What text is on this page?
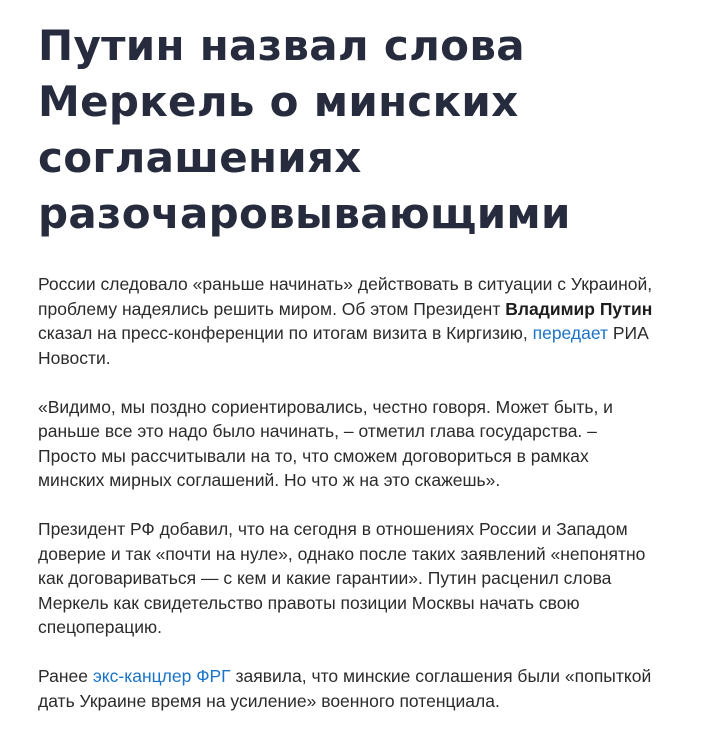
Путин назвал слова
Меркель о минских
соглашениях
разочаровывающими

России следовало «раньше начинать» действовать в ситуации с Украиной,
проблему надеялись решить миром. Об этом Президент Владимир Путин
сказал на пресс-конференции по итогам визита в Киргизию, передает РИА
Новости.

«Видимо, мы поздно сориентировались, честно говоря. Может быть, и
раньше все это надо было начинать, – отметил глава государства. –
Просто мы рассчитывали на то, что сможем договориться в рамках
минских мирных соглашений. Но что ж на это скажешь».

Президент РФ добавил, что на сегодня в отношениях России и Западом
доверие и так «почти на нуле», однако после таких заявлений «непонятно
как договариваться — с кем и какие гарантии». Путин расценил слова
Меркель как свидетельство правоты позиции Москвы начать свою
спецоперацию.

Ранее экс-канцлер ФРГ заявила, что минские соглашения были «попыткой
дать Украине время на усиление» военного потенциала.
